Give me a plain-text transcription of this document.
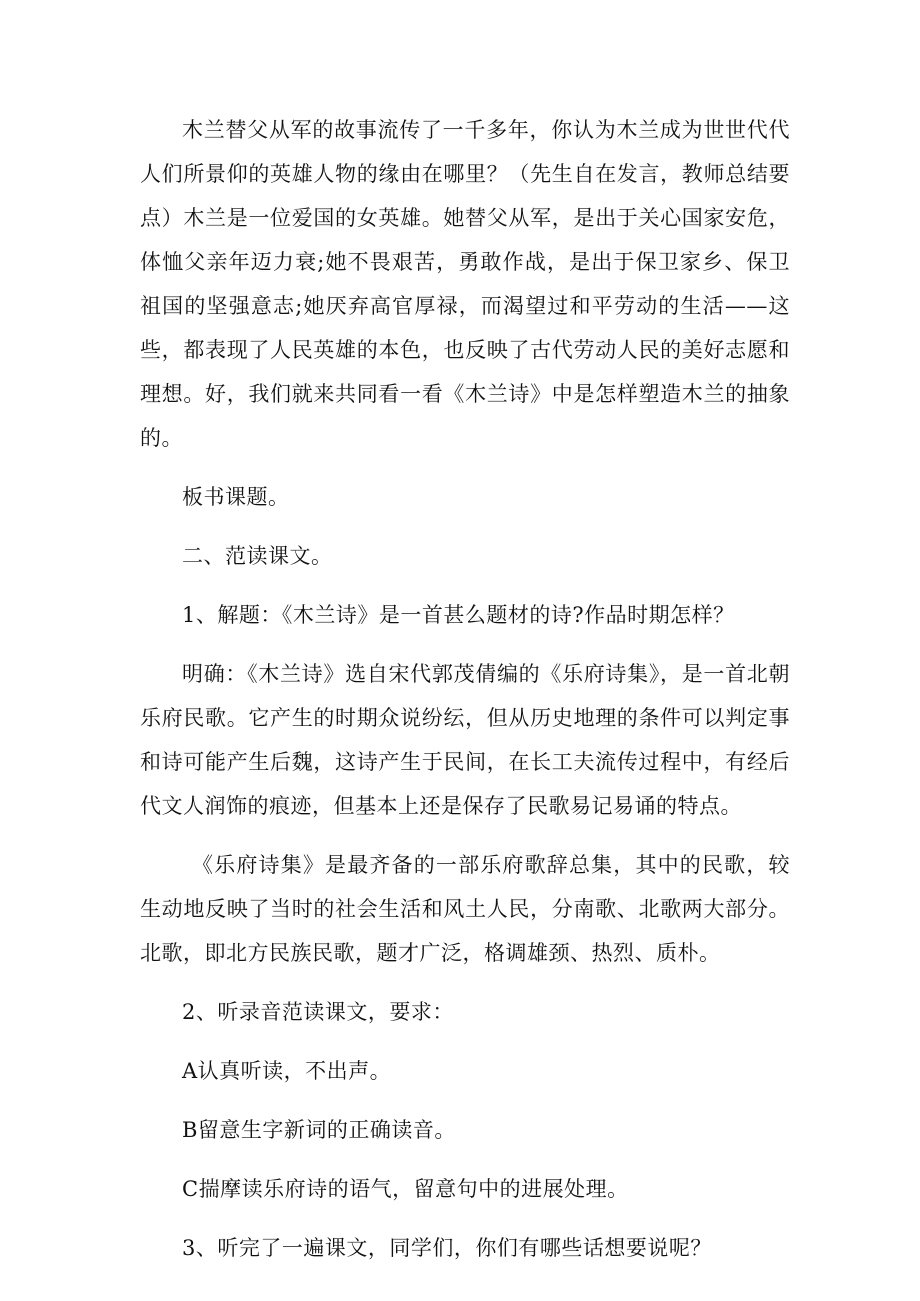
木兰替父从军的故事流传了一千多年，你认为木兰成为世世代代人们所景仰的英雄人物的缘由在哪里？（先生自在发言，教师总结要点）木兰是一位爱国的女英雄。她替父从军，是出于关心国家安危，体恤父亲年迈力衰;她不畏艰苦，勇敢作战，是出于保卫家乡、保卫祖国的坚强意志;她厌弃高官厚禄，而渴望过和平劳动的生活——这些，都表现了人民英雄的本色，也反映了古代劳动人民的美好志愿和理想。好，我们就来共同看一看《木兰诗》中是怎样塑造木兰的抽象的。

板书课题。

二、范读课文。

1、解题：《木兰诗》是一首甚么题材的诗?作品时期怎样？

明确：《木兰诗》选自宋代郭茂倩编的《乐府诗集》，是一首北朝乐府民歌。它产生的时期众说纷纭，但从历史地理的条件可以判定事和诗可能产生后魏，这诗产生于民间，在长工夫流传过程中，有经后代文人润饰的痕迹，但基本上还是保存了民歌易记易诵的特点。

《乐府诗集》是最齐备的一部乐府歌辞总集，其中的民歌，较生动地反映了当时的社会生活和风土人民，分南歌、北歌两大部分。北歌，即北方民族民歌，题才广泛，格调雄颈、热烈、质朴。

2、听录音范读课文，要求：

A认真听读，不出声。

B留意生字新词的正确读音。

C揣摩读乐府诗的语气，留意句中的进展处理。

3、听完了一遍课文，同学们，你们有哪些话想要说呢？
